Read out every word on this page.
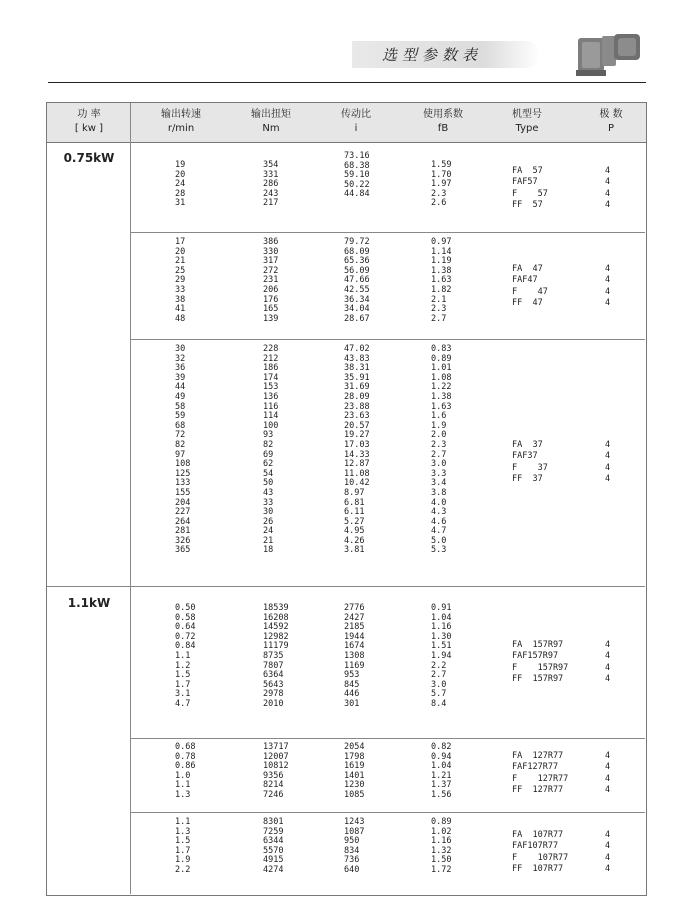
选型参数表
功 率
[ kw ]
输出转速
r/min
输出扭矩
Nm
传动比
i
使用系数
fB
机型号
Type
极 数
P
0.75kW
1.1kW
19
20
24
28
31
354
331
286
243
217
73.16
68.38
59.10
50.22
44.84
1.59
1.70
1.97
2.3
2.6
FA  57
FAF57
F    57
FF  57
4
4
4
4
17
20
21
25
29
33
38
41
48
386
330
317
272
231
206
176
165
139
79.72
68.09
65.36
56.09
47.66
42.55
36.34
34.04
28.67
0.97
1.14
1.19
1.38
1.63
1.82
2.1
2.3
2.7
FA  47
FAF47
F    47
FF  47
4
4
4
4
30
32
36
39
44
49
58
59
68
72
82
97
108
125
133
155
204
227
264
281
326
365
228
212
186
174
153
136
116
114
100
93
82
69
62
54
50
43
33
30
26
24
21
18
47.02
43.83
38.31
35.91
31.69
28.09
23.88
23.63
20.57
19.27
17.03
14.33
12.87
11.08
10.42
8.97
6.81
6.11
5.27
4.95
4.26
3.81
0.83
0.89
1.01
1.08
1.22
1.38
1.63
1.6
1.9
2.0
2.3
2.7
3.0
3.3
3.4
3.8
4.0
4.3
4.6
4.7
5.0
5.3
FA  37
FAF37
F    37
FF  37
4
4
4
4
0.50
0.58
0.64
0.72
0.84
1.1
1.2
1.5
1.7
3.1
4.7
18539
16208
14592
12982
11179
8735
7807
6364
5643
2978
2010
2776
2427
2185
1944
1674
1308
1169
953
845
446
301
0.91
1.04
1.16
1.30
1.51
1.94
2.2
2.7
3.0
5.7
8.4
FA  157R97
FAF157R97
F    157R97
FF  157R97
4
4
4
4
0.68
0.78
0.86
1.0
1.1
1.3
13717
12007
10812
9356
8214
7246
2054
1798
1619
1401
1230
1085
0.82
0.94
1.04
1.21
1.37
1.56
FA  127R77
FAF127R77
F    127R77
FF  127R77
4
4
4
4
1.1
1.3
1.5
1.7
1.9
2.2
8301
7259
6344
5570
4915
4274
1243
1087
950
834
736
640
0.89
1.02
1.16
1.32
1.50
1.72
FA  107R77
FAF107R77
F    107R77
FF  107R77
4
4
4
4
